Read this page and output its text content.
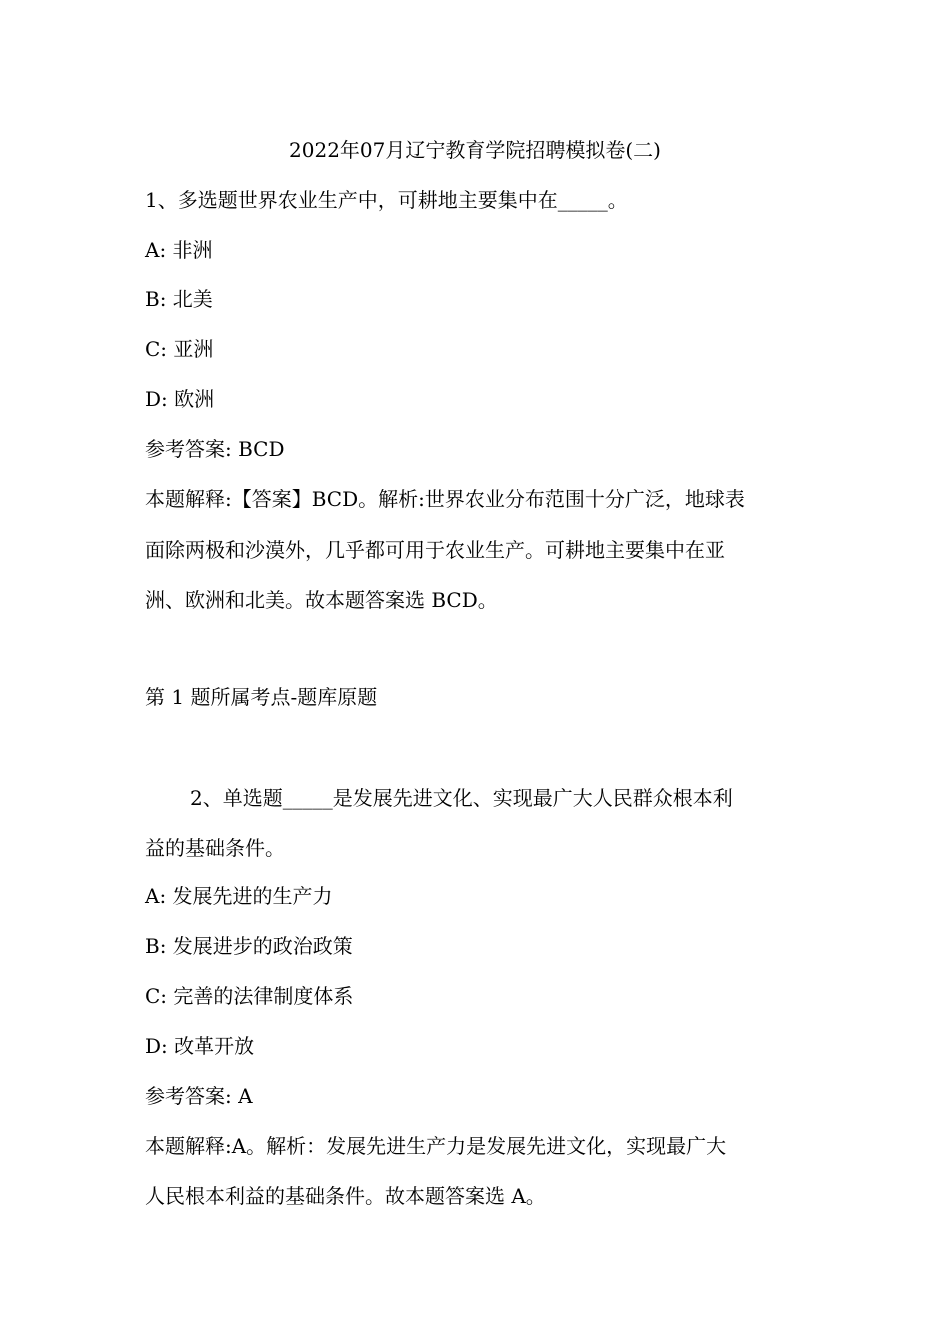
2022年07月辽宁教育学院招聘模拟卷(二)
1、多选题世界农业生产中，可耕地主要集中在_____。
A: 非洲
B: 北美
C: 亚洲
D: 欧洲
参考答案: BCD
本题解释:【答案】BCD。解析:世界农业分布范围十分广泛，地球表
面除两极和沙漠外，几乎都可用于农业生产。可耕地主要集中在亚
洲、欧洲和北美。故本题答案选 BCD。
第 1 题所属考点-题库原题
2、单选题_____是发展先进文化、实现最广大人民群众根本利
益的基础条件。
A: 发展先进的生产力
B: 发展进步的政治政策
C: 完善的法律制度体系
D: 改革开放
参考答案: A
本题解释:A。解析：发展先进生产力是发展先进文化，实现最广大
人民根本利益的基础条件。故本题答案选 A。
